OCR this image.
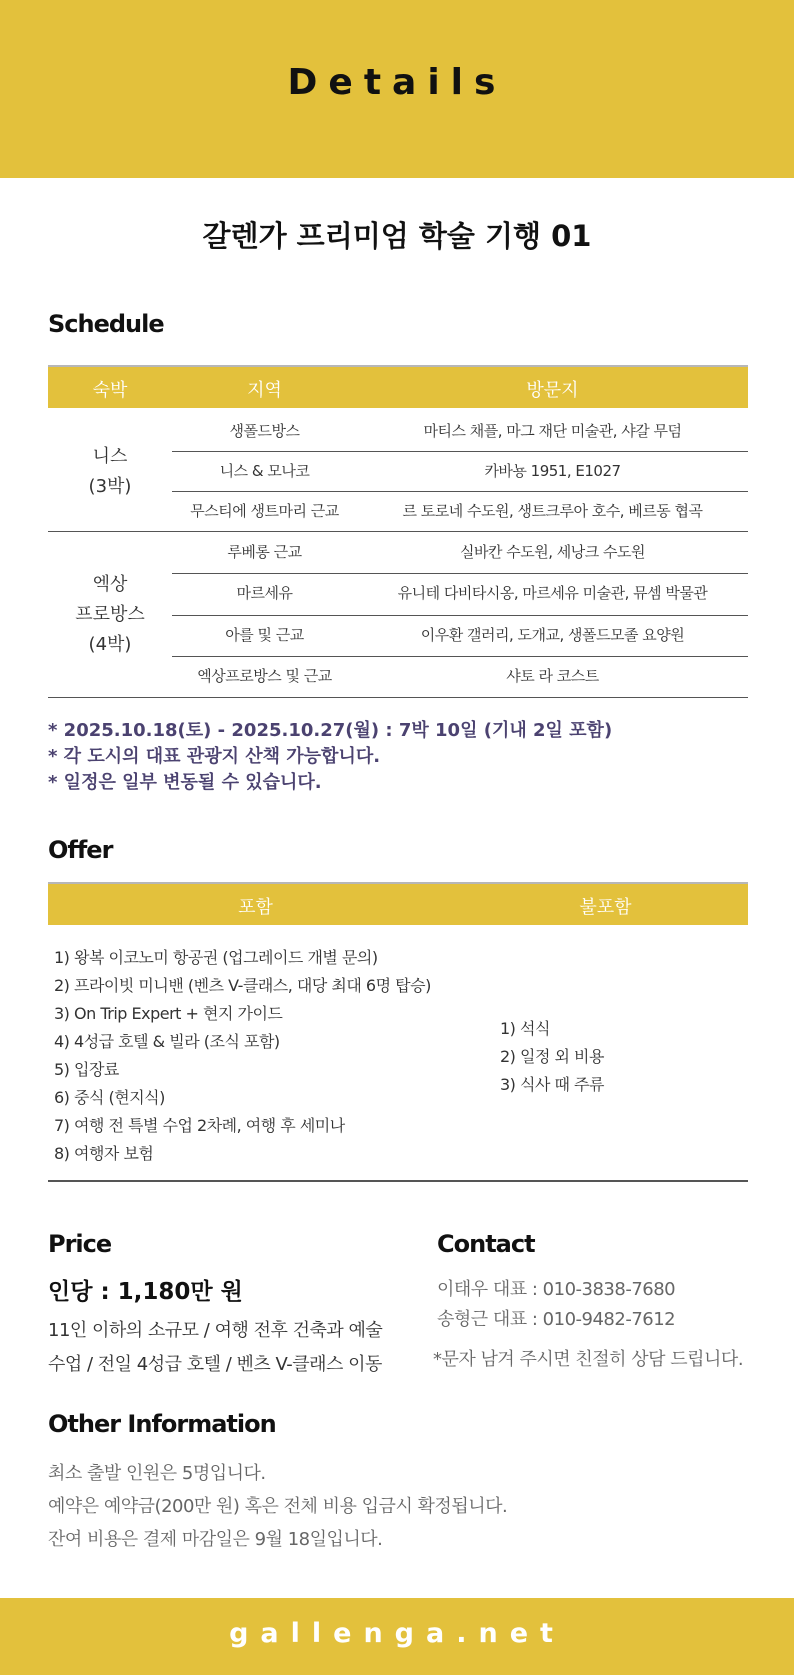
Details
갈렌가 프리미엄 학술 기행 01
Schedule
숙박	지역	방문지
니스
(3박)
생폴드방스	마티스 채플, 마그 재단 미술관, 샤갈 무덤
니스 & 모나코	카바뇽 1951, E1027
무스티에 생트마리 근교	르 토로네 수도원, 생트크루아 호수, 베르동 협곡
엑상
프로방스
(4박)
루베롱 근교	실바칸 수도원, 세낭크 수도원
마르세유	유니테 다비타시옹, 마르세유 미술관, 뮤셈 박물관
아를 및 근교	이우환 갤러리, 도개교, 생폴드모졸 요양원
엑상프로방스 및 근교	샤토 라 코스트
* 2025.10.18(토) - 2025.10.27(월) : 7박 10일 (기내 2일 포함)
* 각 도시의 대표 관광지 산책 가능합니다.
* 일정은 일부 변동될 수 있습니다.
Offer
포함	불포함
1) 왕복 이코노미 항공권 (업그레이드 개별 문의)
2) 프라이빗 미니밴 (벤츠 V-클래스, 대당 최대 6명 탑승)
3) On Trip Expert + 현지 가이드
4) 4성급 호텔 & 빌라 (조식 포함)
5) 입장료
6) 중식 (현지식)
7) 여행 전 특별 수업 2차례, 여행 후 세미나
8) 여행자 보험
1) 석식
2) 일정 외 비용
3) 식사 때 주류
Price
인당 : 1,180만 원
11인 이하의 소규모 / 여행 전후 건축과 예술
수업 / 전일 4성급 호텔 / 벤츠 V-클래스 이동
Contact
이태우 대표 : 010-3838-7680
송형근 대표 : 010-9482-7612
*문자 남겨 주시면 친절히 상담 드립니다.
Other Information
최소 출발 인원은 5명입니다.
예약은 예약금(200만 원) 혹은 전체 비용 입금시 확정됩니다.
잔여 비용은 결제 마감일은 9월 18일입니다.
gallenga.net
